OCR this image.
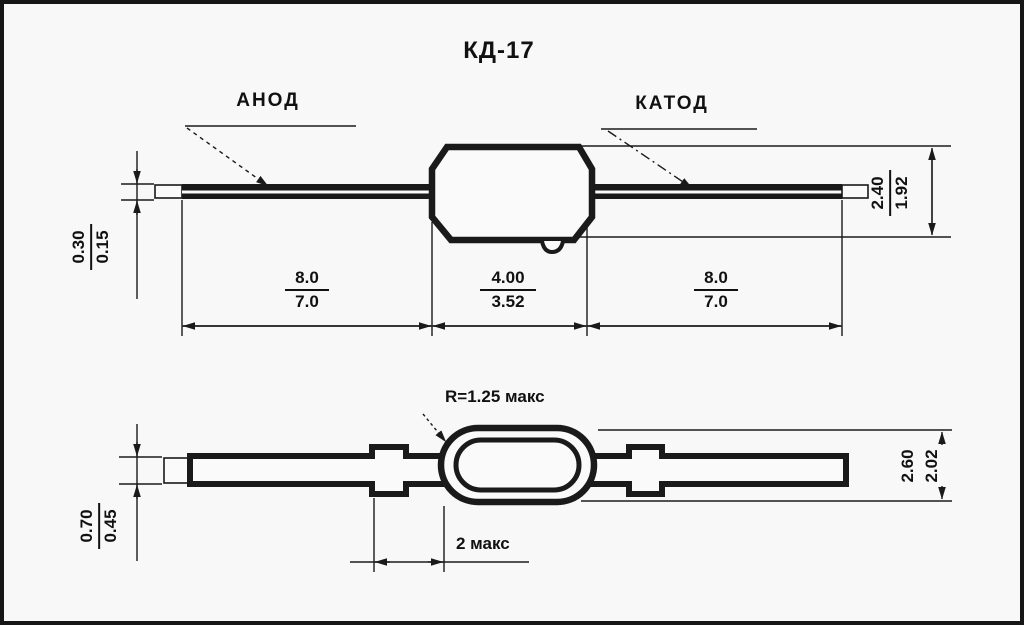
КД-17
АНОД	КАТОД
0.30 0.15
2.40 1.92
8.0
7.0
4.00
3.52
8.0
7.0
R=1.25 макс
0.70 0.45
2.60 2.02
2 макс
